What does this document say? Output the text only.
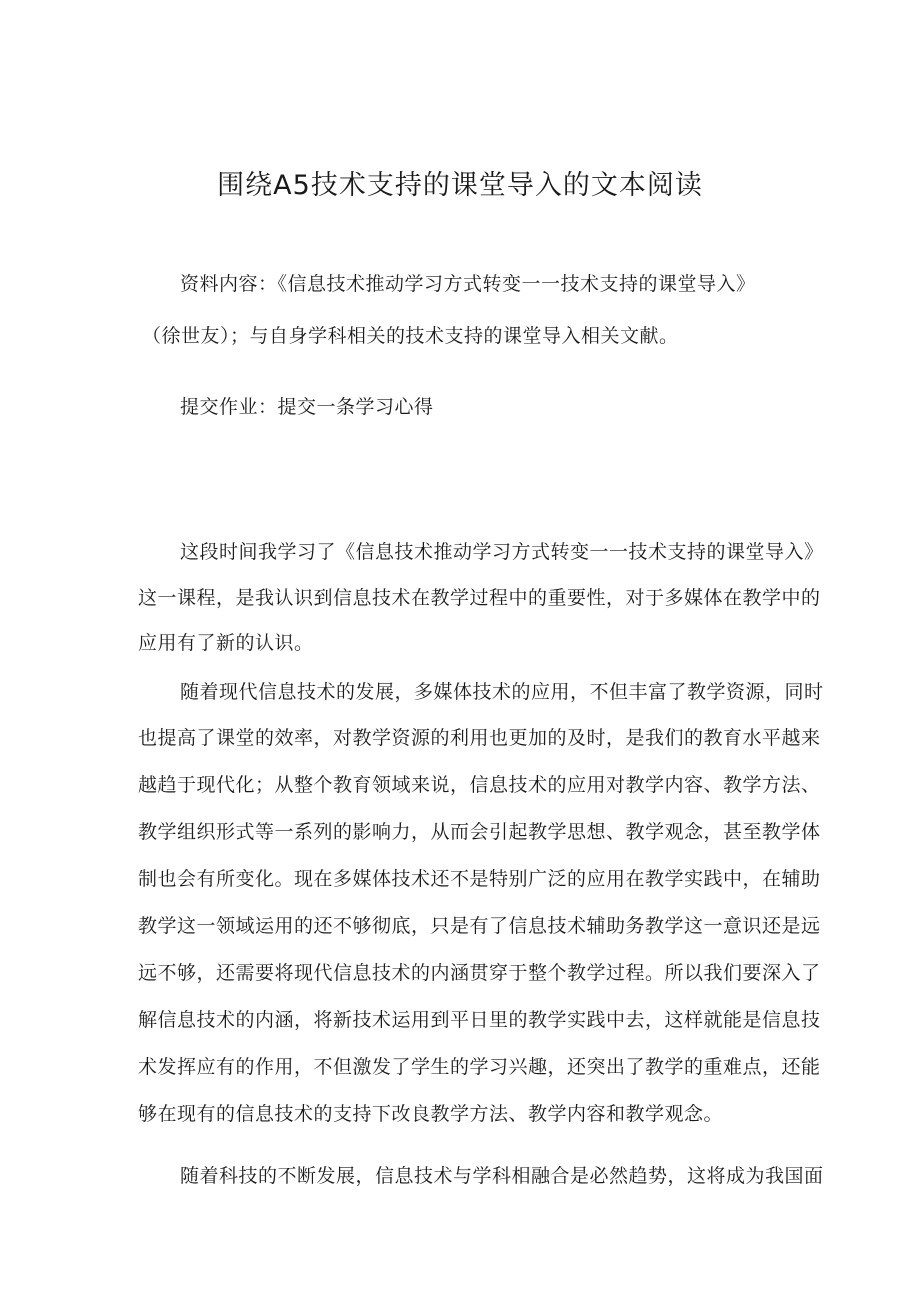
围绕A5技术支持的课堂导入的文本阅读

资料内容：《信息技术推动学习方式转变一一技术支持的课堂导入》

（徐世友）；与自身学科相关的技术支持的课堂导入相关文献。

提交作业：提交一条学习心得

这段时间我学习了《信息技术推动学习方式转变一一技术支持的课堂导入》

这一课程，是我认识到信息技术在教学过程中的重要性，对于多媒体在教学中的

应用有了新的认识。

随着现代信息技术的发展，多媒体技术的应用，不但丰富了教学资源，同时

也提高了课堂的效率，对教学资源的利用也更加的及时，是我们的教育水平越来

越趋于现代化；从整个教育领域来说，信息技术的应用对教学内容、教学方法、

教学组织形式等一系列的影响力，从而会引起教学思想、教学观念，甚至教学体

制也会有所变化。现在多媒体技术还不是特别广泛的应用在教学实践中，在辅助

教学这一领域运用的还不够彻底，只是有了信息技术辅助务教学这一意识还是远

远不够，还需要将现代信息技术的内涵贯穿于整个教学过程。所以我们要深入了

解信息技术的内涵，将新技术运用到平日里的教学实践中去，这样就能是信息技

术发挥应有的作用，不但激发了学生的学习兴趣，还突出了教学的重难点，还能

够在现有的信息技术的支持下改良教学方法、教学内容和教学观念。

随着科技的不断发展，信息技术与学科相融合是必然趋势，这将成为我国面
